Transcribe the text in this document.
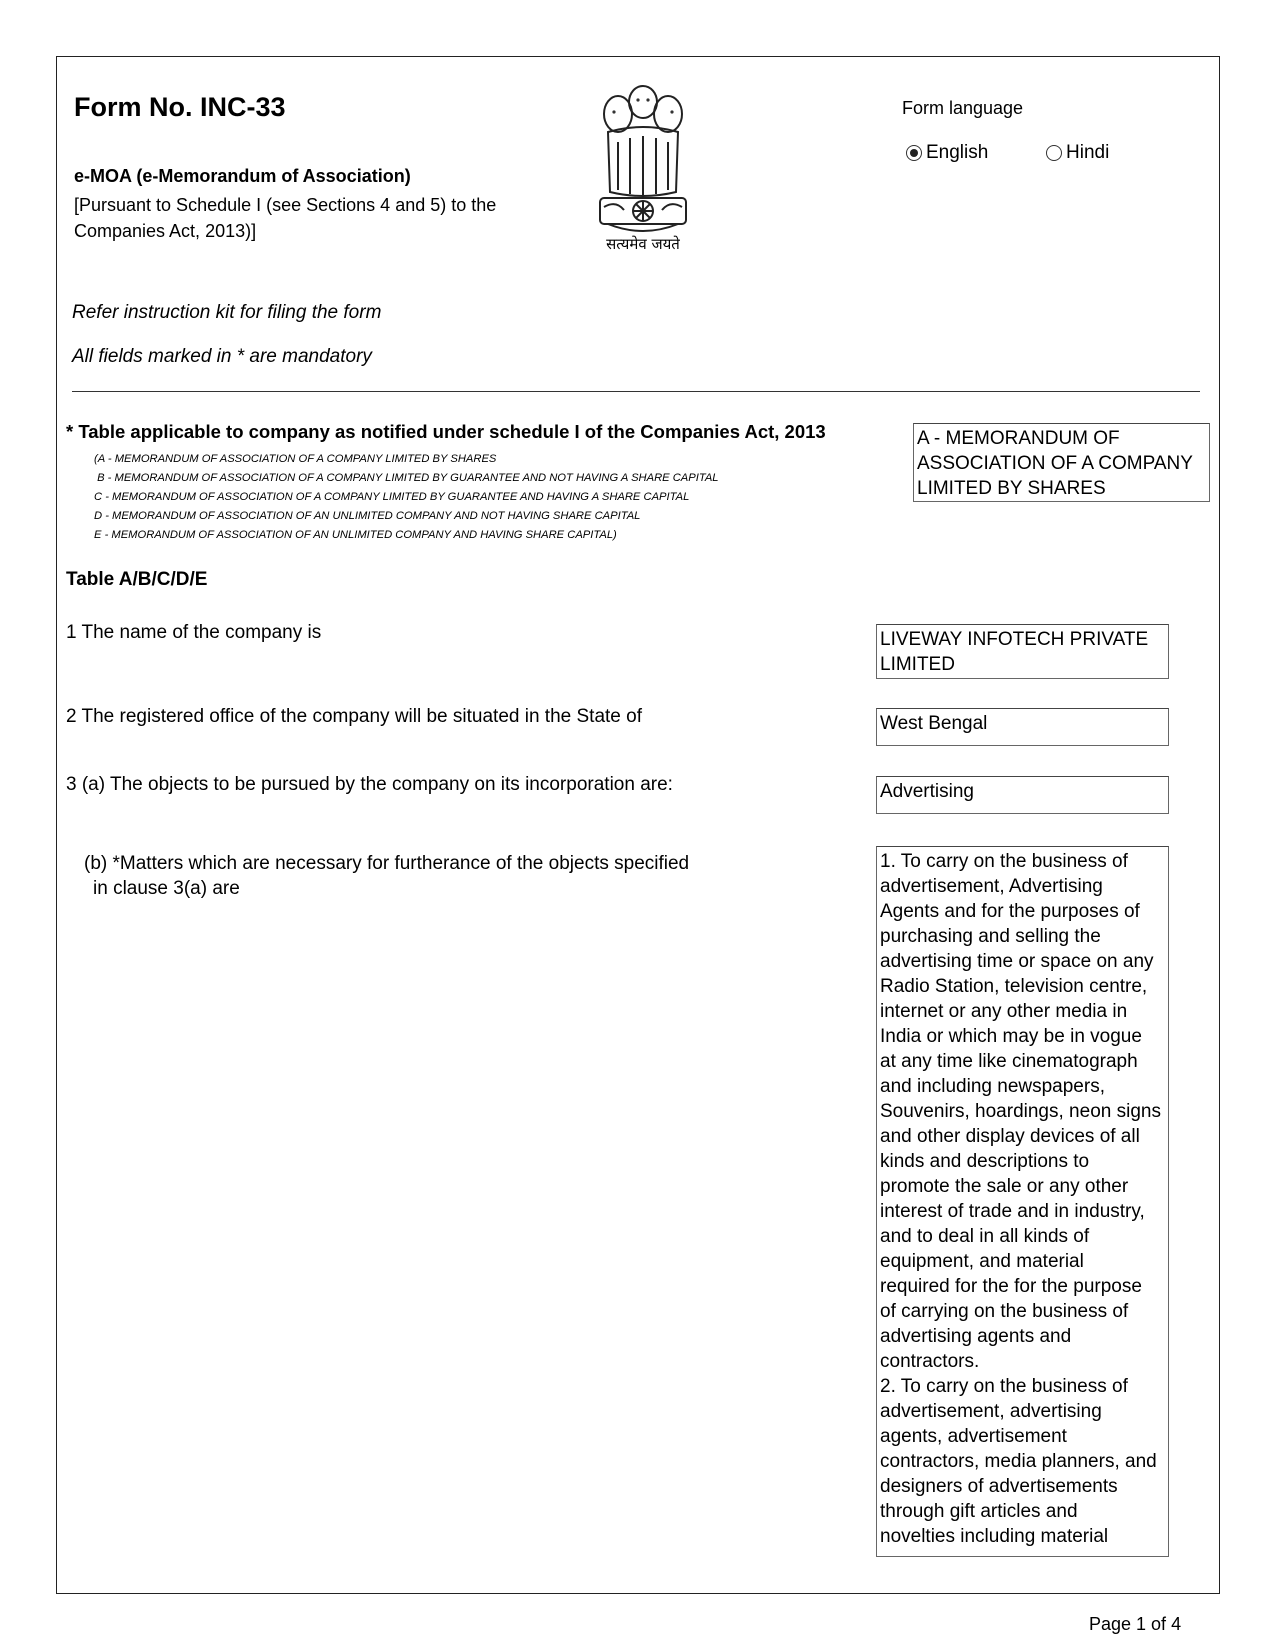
Form No. INC-33
e-MOA (e-Memorandum of Association)
[Pursuant to Schedule I (see Sections 4 and 5) to the Companies Act, 2013)]
सत्यमेव जयते
Form language
English	Hindi
Refer instruction kit for filing the form
All fields marked in * are mandatory
* Table applicable to company as notified under schedule I of the Companies Act, 2013
(A - MEMORANDUM OF ASSOCIATION OF A COMPANY LIMITED BY SHARES
B - MEMORANDUM OF ASSOCIATION OF A COMPANY LIMITED BY GUARANTEE AND NOT HAVING A SHARE CAPITAL
C - MEMORANDUM OF ASSOCIATION OF A COMPANY LIMITED BY GUARANTEE AND HAVING A SHARE CAPITAL
D - MEMORANDUM OF ASSOCIATION OF AN UNLIMITED COMPANY AND NOT HAVING SHARE CAPITAL
E - MEMORANDUM OF ASSOCIATION OF AN UNLIMITED COMPANY AND HAVING SHARE CAPITAL)
A - MEMORANDUM OF ASSOCIATION OF A COMPANY LIMITED BY SHARES
Table A/B/C/D/E
1 The name of the company is	LIVEWAY INFOTECH PRIVATE LIMITED
2 The registered office of the company will be situated in the State of	West Bengal
3 (a) The objects to be pursued by the company on its incorporation are:	Advertising
(b) *Matters which are necessary for furtherance of the objects specified
in clause 3(a) are
1. To carry on the business of
advertisement, Advertising
Agents and for the purposes of
purchasing and selling the
advertising time or space on any
Radio Station, television centre,
internet or any other media in
India or which may be in vogue
at any time like cinematograph
and including newspapers,
Souvenirs, hoardings, neon signs
and other display devices of all
kinds and descriptions to
promote the sale or any other
interest of trade and in industry,
and to deal in all kinds of
equipment, and material
required for the for the purpose
of carrying on the business of
advertising agents and
contractors.
2. To carry on the business of
advertisement, advertising
agents, advertisement
contractors, media planners, and
designers of advertisements
through gift articles and
novelties including material
Page 1 of 4
